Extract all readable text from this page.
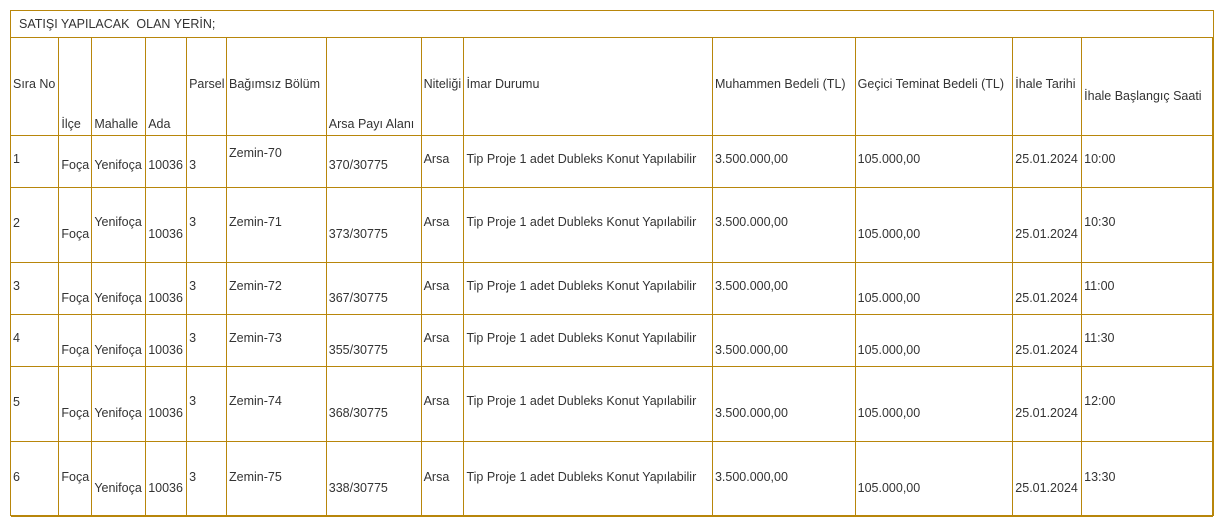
SATIŞI YAPILACAK  OLAN YERİN;
Sıra No	İlçe	Mahalle	Ada	Parsel	Bağımsız Bölüm	Arsa Payı Alanı	Niteliği	İmar Durumu	Muhammen Bedeli (TL)	Geçici Teminat Bedeli (TL)	İhale Tarihi	İhale Başlangıç Saati

1	Foça	Yenifoça	10036	3	Zemin-70	370/30775	Arsa	Tip Proje 1 adet Dubleks Konut Yapılabilir	3.500.000,00	105.000,00	25.01.2024	10:00

2	Foça	Yenifoça	10036	3	Zemin-71	373/30775	Arsa	Tip Proje 1 adet Dubleks Konut Yapılabilir	3.500.000,00	105.000,00	25.01.2024	10:30

3	Foça	Yenifoça	10036	3	Zemin-72	367/30775	Arsa	Tip Proje 1 adet Dubleks Konut Yapılabilir	3.500.000,00	105.000,00	25.01.2024	11:00

4	Foça	Yenifoça	10036	3	Zemin-73	355/30775	Arsa	Tip Proje 1 adet Dubleks Konut Yapılabilir	3.500.000,00	105.000,00	25.01.2024	11:30

5	Foça	Yenifoça	10036	3	Zemin-74	368/30775	Arsa	Tip Proje 1 adet Dubleks Konut Yapılabilir	3.500.000,00	105.000,00	25.01.2024	12:00

6	Foça	Yenifoça	10036	3	Zemin-75	338/30775	Arsa	Tip Proje 1 adet Dubleks Konut Yapılabilir	3.500.000,00	105.000,00	25.01.2024	13:30
